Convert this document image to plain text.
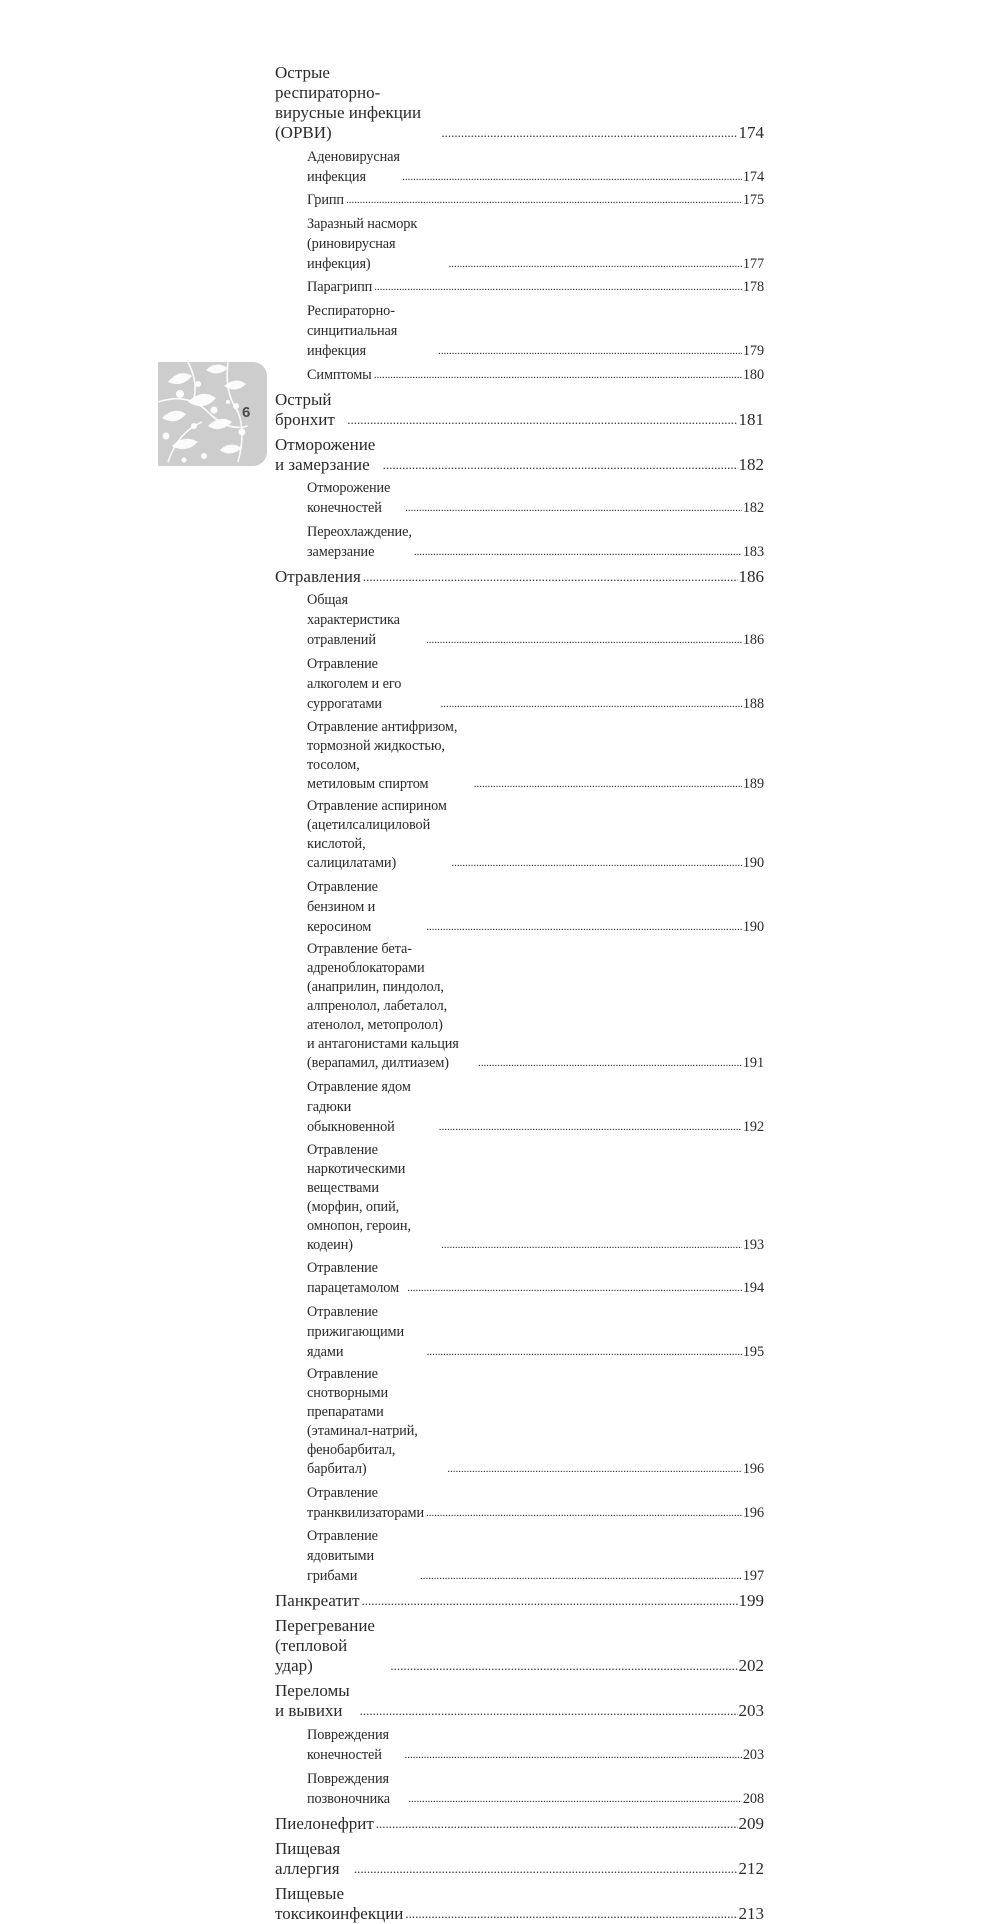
6
Острые респираторно-вирусные инфекции (ОРВИ) .....	174
Аденовирусная инфекция .....	174
Грипп .....	175
Заразный насморк (риновирусная инфекция) .....	177
Парагрипп .....	178
Респираторно-синцитиальная инфекция .....	179
Симптомы .....	180
Острый бронхит .....	181
Отморожение и замерзание .....	182
Отморожение конечностей .....	182
Переохлаждение, замерзание .....	183
Отравления .....	186
Общая характеристика отравлений .....	186
Отравление алкоголем и его суррогатами .....	188
Отравление антифризом, тормозной жидкостью, тосолом,
метиловым спиртом .....	189
Отравление аспирином
(ацетилсалициловой кислотой, салицилатами) .....	190
Отравление бензином и керосином .....	190
Отравление бета-адреноблокаторами (анаприлин, пиндолол,
алпренолол, лабеталол, атенолол, метопролол)
и антагонистами кальция (верапамил, дилтиазем) .....	191
Отравление ядом гадюки обыкновенной .....	192
Отравление наркотическими веществами
(морфин, опий, омнопон, героин, кодеин) .....	193
Отравление парацетамолом .....	194
Отравление прижигающими ядами .....	195
Отравление снотворными препаратами
(этаминал-натрий, фенобарбитал, барбитал) .....	196
Отравление транквилизаторами .....	196
Отравление ядовитыми грибами .....	197
Панкреатит .....	199
Перегревание (тепловой удар) .....	202
Переломы и вывихи .....	203
Повреждения конечностей .....	203
Повреждения позвоночника .....	208
Пиелонефрит .....	209
Пищевая аллергия .....	212
Пищевые токсикоинфекции .....	213
